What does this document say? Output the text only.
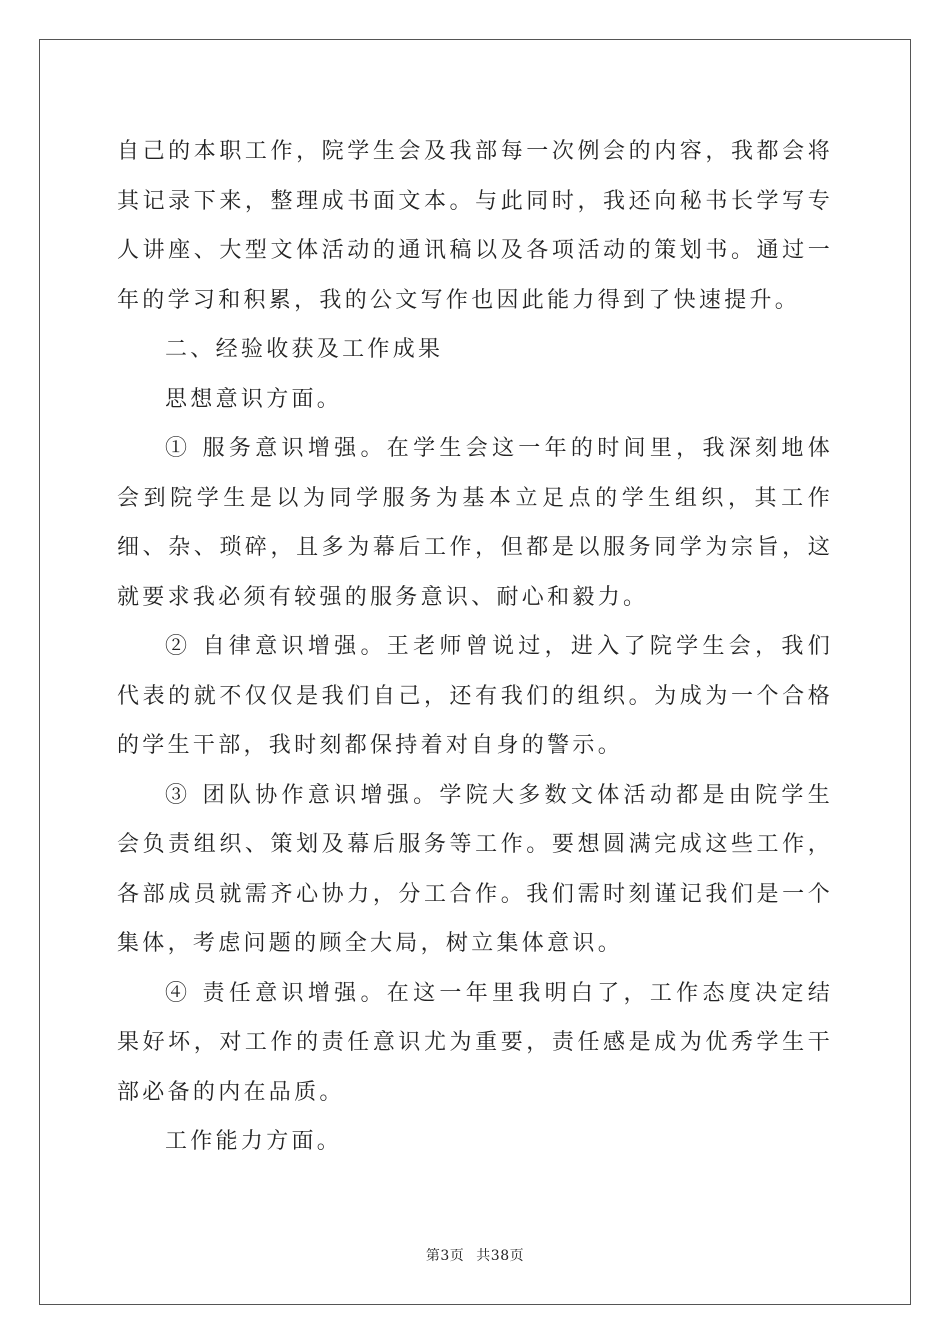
自己的本职工作，院学生会及我部每一次例会的内容，我都会将其记录下来，整理成书面文本。与此同时，我还向秘书长学写专人讲座、大型文体活动的通讯稿以及各项活动的策划书。通过一年的学习和积累，我的公文写作也因此能力得到了快速提升。

二、经验收获及工作成果

思想意识方面。

① 服务意识增强。在学生会这一年的时间里，我深刻地体会到院学生是以为同学服务为基本立足点的学生组织，其工作细、杂、琐碎，且多为幕后工作，但都是以服务同学为宗旨，这就要求我必须有较强的服务意识、耐心和毅力。

② 自律意识增强。王老师曾说过，进入了院学生会，我们代表的就不仅仅是我们自己，还有我们的组织。为成为一个合格的学生干部，我时刻都保持着对自身的警示。

③ 团队协作意识增强。学院大多数文体活动都是由院学生会负责组织、策划及幕后服务等工作。要想圆满完成这些工作，各部成员就需齐心协力，分工合作。我们需时刻谨记我们是一个集体，考虑问题的顾全大局，树立集体意识。

④ 责任意识增强。在这一年里我明白了，工作态度决定结果好坏，对工作的责任意识尤为重要，责任感是成为优秀学生干部必备的内在品质。

工作能力方面。

第3页 共38页
